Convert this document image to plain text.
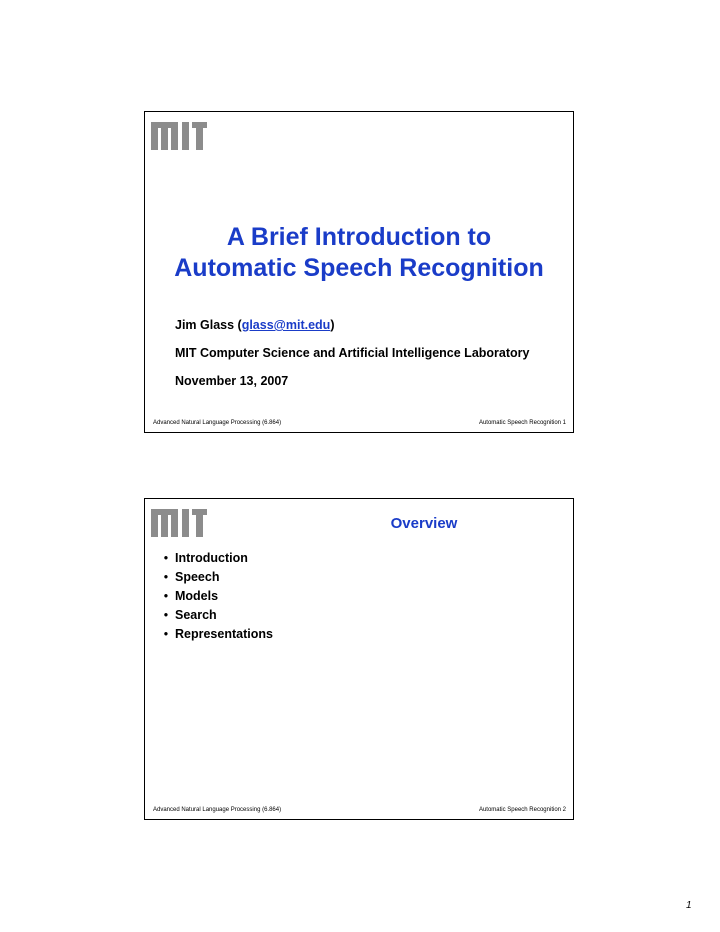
A Brief Introduction to
Automatic Speech Recognition
Jim Glass (glass@mit.edu)
MIT Computer Science and Artificial Intelligence Laboratory
November 13, 2007
Advanced Natural Language Processing (6.864)	Automatic Speech Recognition 1
Overview
• Introduction
• Speech
• Models
• Search
• Representations
Advanced Natural Language Processing (6.864)	Automatic Speech Recognition 2
1
